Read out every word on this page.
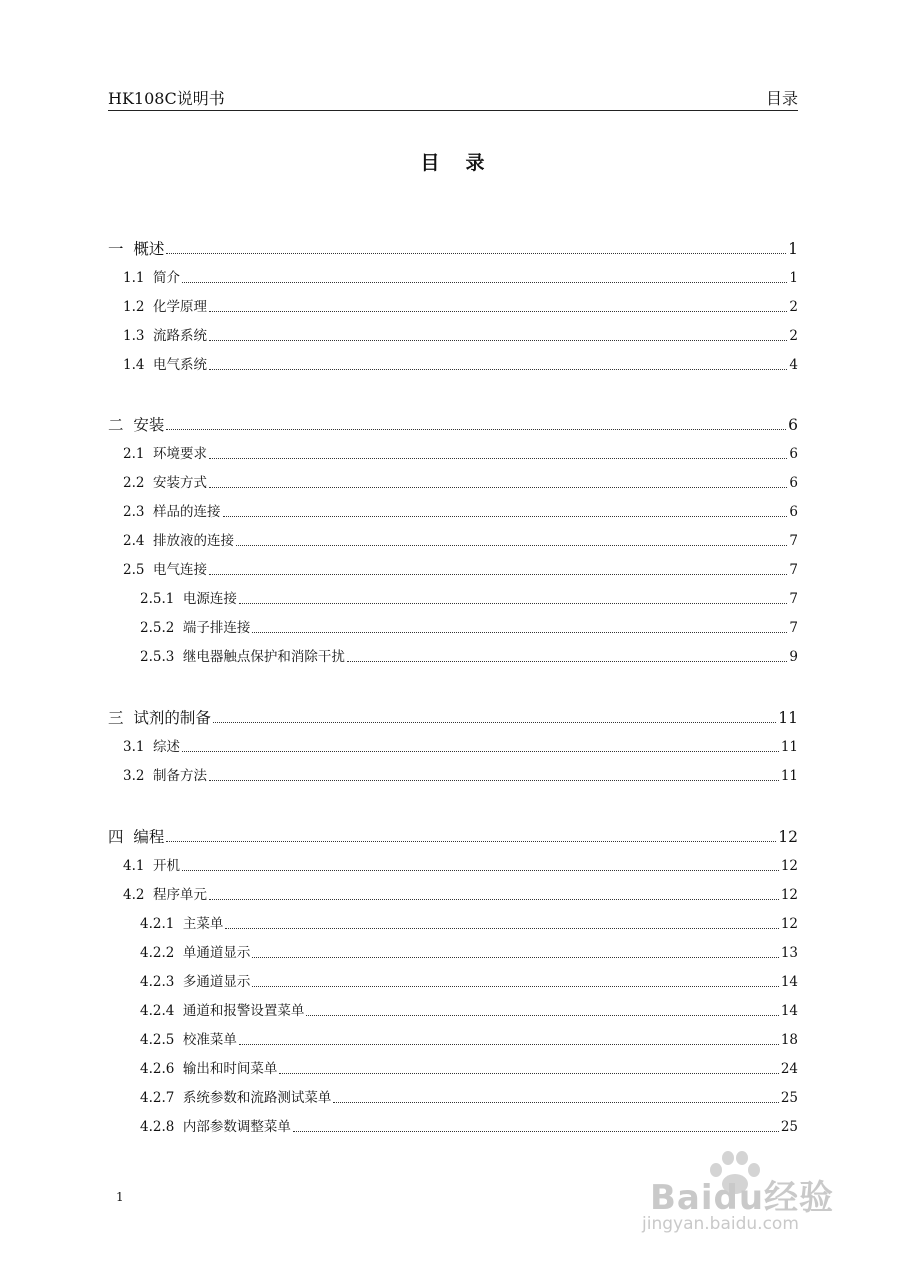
HK108C说明书	目录
目录
一  概述	1
1.1  简介	1
1.2  化学原理	2
1.3  流路系统	2
1.4  电气系统	4
二  安装	6
2.1  环境要求	6
2.2  安装方式	6
2.3  样品的连接	6
2.4  排放液的连接	7
2.5  电气连接	7
2.5.1  电源连接	7
2.5.2  端子排连接	7
2.5.3  继电器触点保护和消除干扰	9
三  试剂的制备	11
3.1  综述	11
3.2  制备方法	11
四  编程	12
4.1  开机	12
4.2  程序单元	12
4.2.1  主菜单	12
4.2.2  单通道显示	13
4.2.3  多通道显示	14
4.2.4  通道和报警设置菜单	14
4.2.5  校准菜单	18
4.2.6  输出和时间菜单	24
4.2.7  系统参数和流路测试菜单	25
4.2.8  内部参数调整菜单	25
1	Baidu经验
jingyan.baidu.com
